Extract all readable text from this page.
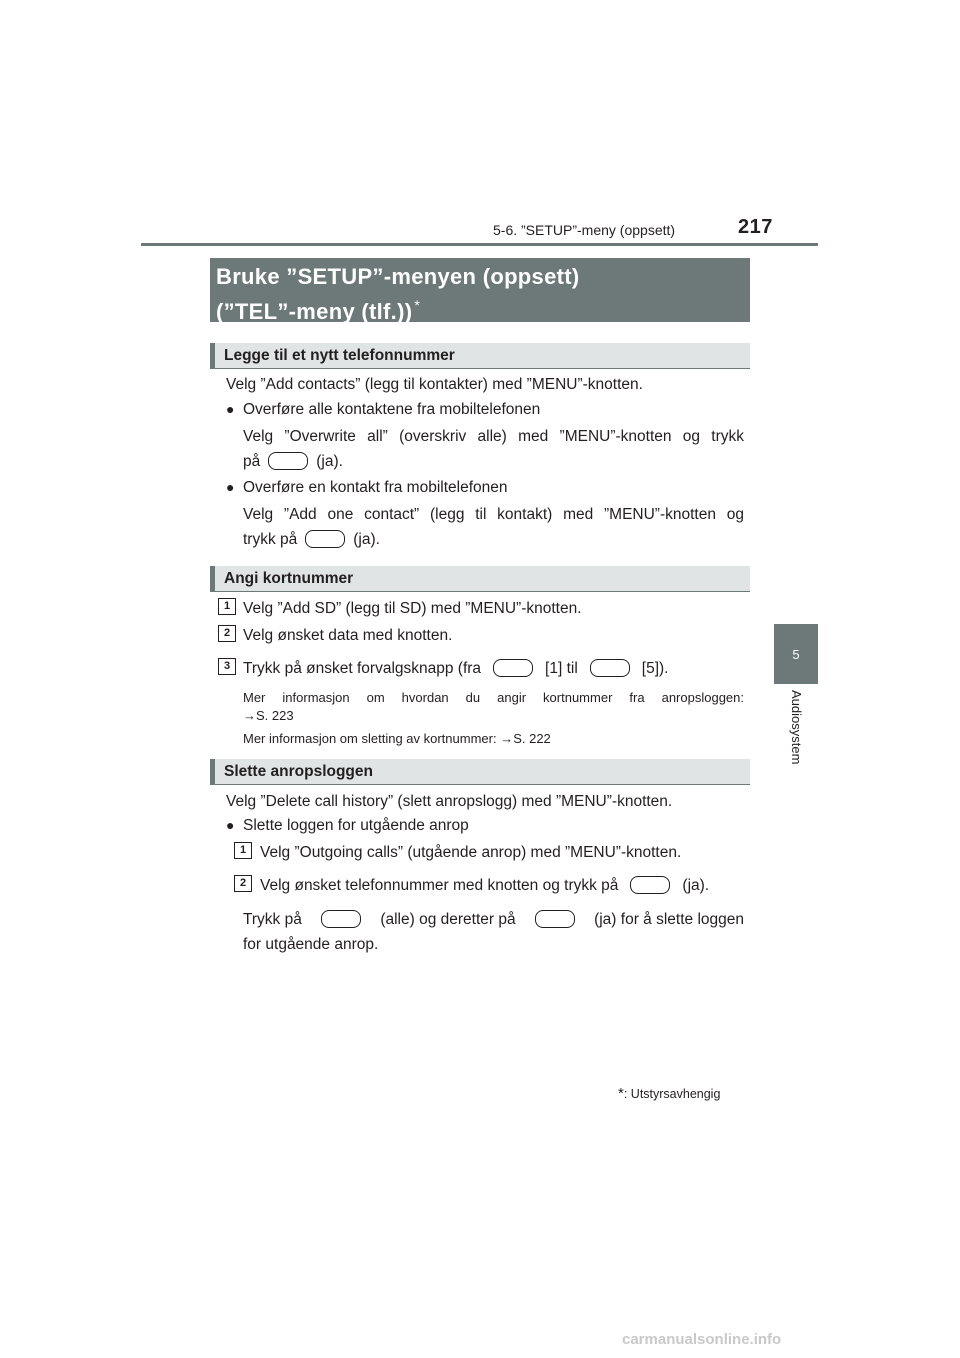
5-6. ”SETUP”-meny (oppsett)	217
5
Audiosystem
Bruke ”SETUP”-menyen (oppsett)
(”TEL”-meny (tlf.)) *
Legge til et nytt telefonnummer
Velg ”Add contacts” (legg til kontakter) med ”MENU”-knotten.
● Overføre alle kontaktene fra mobiltelefonen
Velg ”Overwrite all” (overskriv alle) med ”MENU”-knotten og trykk
på	(ja).
● Overføre en kontakt fra mobiltelefonen
Velg ”Add one contact” (legg til kontakt) med ”MENU”-knotten og
trykk på	(ja).
Angi kortnummer
1 Velg ”Add SD” (legg til SD) med ”MENU”-knotten.
2 Velg ønsket data med knotten.
3 Trykk på ønsket forvalgsknapp (fra	[1] til	[5]).
Mer informasjon om hvordan du angir kortnummer fra anropsloggen:
→S. 223
Mer informasjon om sletting av kortnummer: →S. 222
Slette anropsloggen
Velg ”Delete call history” (slett anropslogg) med ”MENU”-knotten.
● Slette loggen for utgående anrop
1 Velg ”Outgoing calls” (utgående anrop) med ”MENU”-knotten.
2 Velg ønsket telefonnummer med knotten og trykk på	(ja).
Trykk på	(alle) og deretter på	(ja) for å slette loggen
for utgående anrop.
*: Utstyrsavhengig
carmanualsonline.info
